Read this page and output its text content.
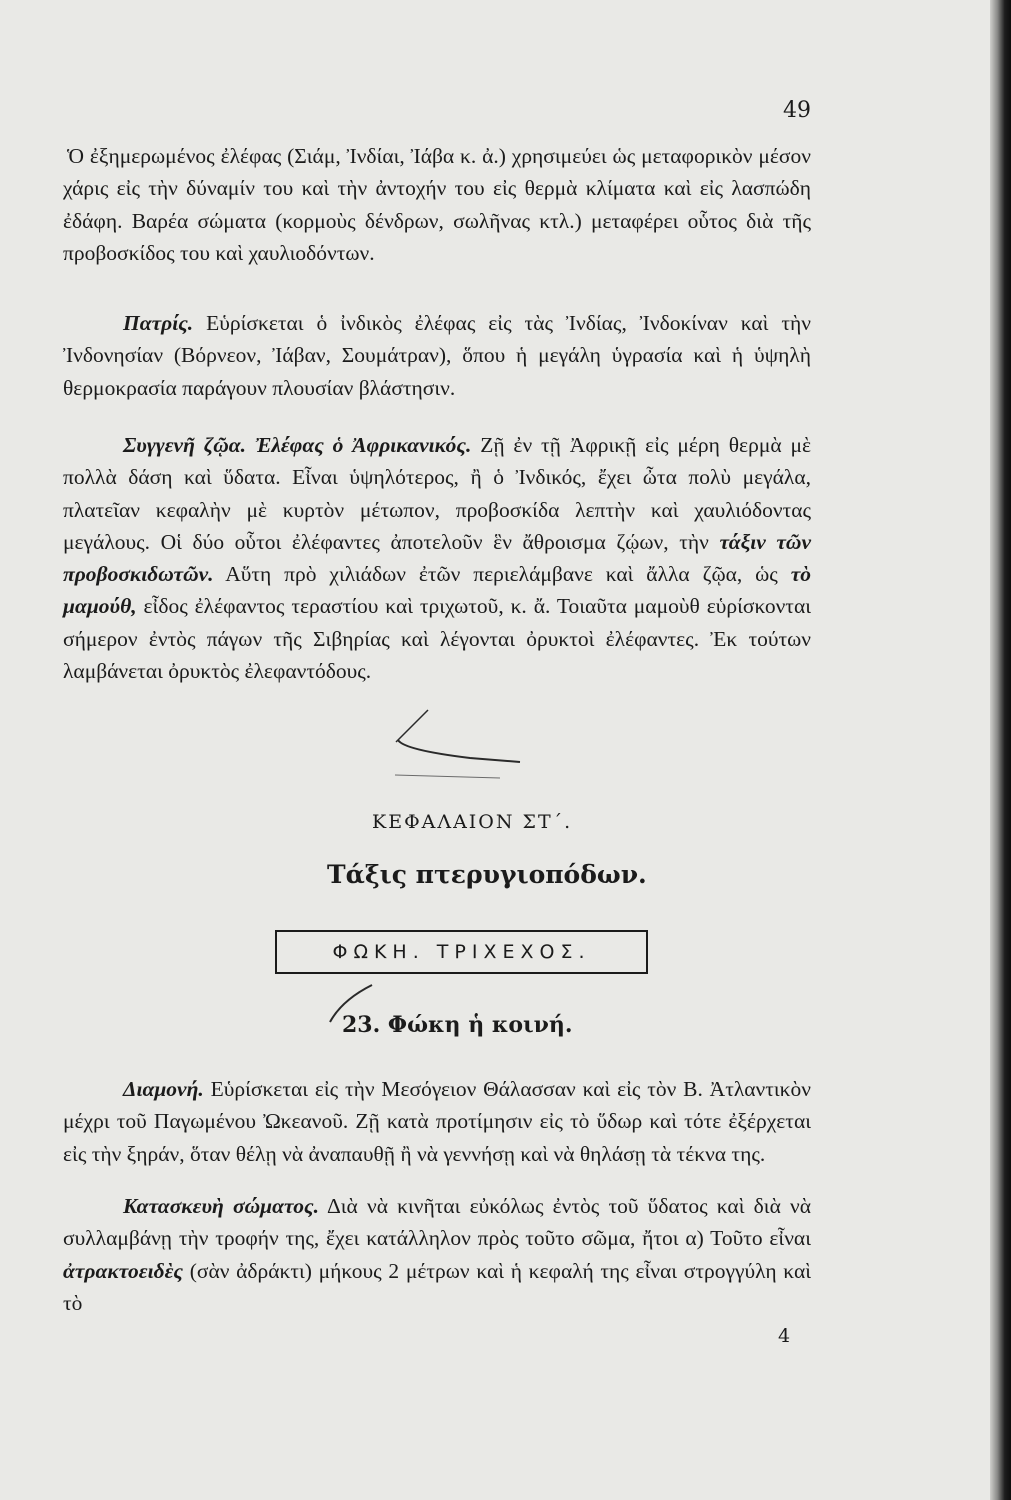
49
Ὁ ἐξημερωμένος ἐλέφας (Σιάμ, Ἰνδίαι, Ἰάβα κ. ἀ.) χρησιμεύει ὡς μεταφορικὸν μέσον χάρις εἰς τὴν δύναμίν του καὶ τὴν ἀντοχήν του εἰς θερμὰ κλίματα καὶ εἰς λασπώδη ἐδάφη. Βαρέα σώματα (κορμοὺς δένδρων, σωλῆνας κτλ.) μεταφέρει οὗτος διὰ τῆς προβοσκίδος του καὶ χαυλιοδόντων.
Πατρίς. Εὑρίσκεται ὁ ἰνδικὸς ἐλέφας εἰς τὰς Ἰνδίας, Ἰνδοκίναν καὶ τὴν Ἰνδονησίαν (Βόρνεον, Ἰάβαν, Σουμάτραν), ὅπου ἡ μεγάλη ὑγρασία καὶ ἡ ὑψηλὴ θερμοκρασία παράγουν πλουσίαν βλάστησιν.
Συγγενῆ ζῷα. Ἐλέφας ὁ Ἀφρικανικός. Ζῇ ἐν τῇ Ἀφρικῇ εἰς μέρη θερμὰ μὲ πολλὰ δάση καὶ ὕδατα. Εἶναι ὑψηλότερος, ἢ ὁ Ἰνδικός, ἔχει ὦτα πολὺ μεγάλα, πλατεῖαν κεφαλὴν μὲ κυρτὸν μέτωπον, προβοσκίδα λεπτὴν καὶ χαυλιόδοντας μεγάλους. Οἱ δύο οὗτοι ἐλέφαντες ἀποτελοῦν ἓν ἄθροισμα ζῴων, τὴν τάξιν τῶν προβοσκιδωτῶν. Αὕτη πρὸ χιλιάδων ἐτῶν περιελάμβανε καὶ ἄλλα ζῷα, ὡς τὸ μαμούθ, εἶδος ἐλέφαντος τεραστίου καὶ τριχωτοῦ, κ. ἄ. Τοιαῦτα μαμοὺθ εὑρίσκονται σήμερον ἐντὸς πάγων τῆς Σιβηρίας καὶ λέγονται ὀρυκτοὶ ἐλέφαντες. Ἐκ τούτων λαμβάνεται ὀρυκτὸς ἐλεφαντόδους.
ΚΕΦΑΛΑΙΟΝ ΣΤ΄.
Τάξις πτερυγιοπόδων.
ΦΩΚΗ. ΤΡΙΧΕΧΟΣ.
23. Φώκη ἡ κοινή.
Διαμονή. Εὑρίσκεται εἰς τὴν Μεσόγειον Θάλασσαν καὶ εἰς τὸν Β. Ἀτλαντικὸν μέχρι τοῦ Παγωμένου Ὠκεανοῦ. Ζῇ κατὰ προτίμησιν εἰς τὸ ὕδωρ καὶ τότε ἐξέρχεται εἰς τὴν ξηράν, ὅταν θέλῃ νὰ ἀναπαυθῇ ἢ νὰ γεννήσῃ καὶ νὰ θηλάσῃ τὰ τέκνα της.
Κατασκευὴ σώματος. Διὰ νὰ κινῆται εὐκόλως ἐντὸς τοῦ ὕδατος καὶ διὰ νὰ συλλαμβάνῃ τὴν τροφήν της, ἔχει κατάλληλον πρὸς τοῦτο σῶμα, ἤτοι α) Τοῦτο εἶναι ἀτρακτοειδὲς (σὰν ἀδράκτι) μήκους 2 μέτρων καὶ ἡ κεφαλή της εἶναι στρογγύλη καὶ τὸ
4
